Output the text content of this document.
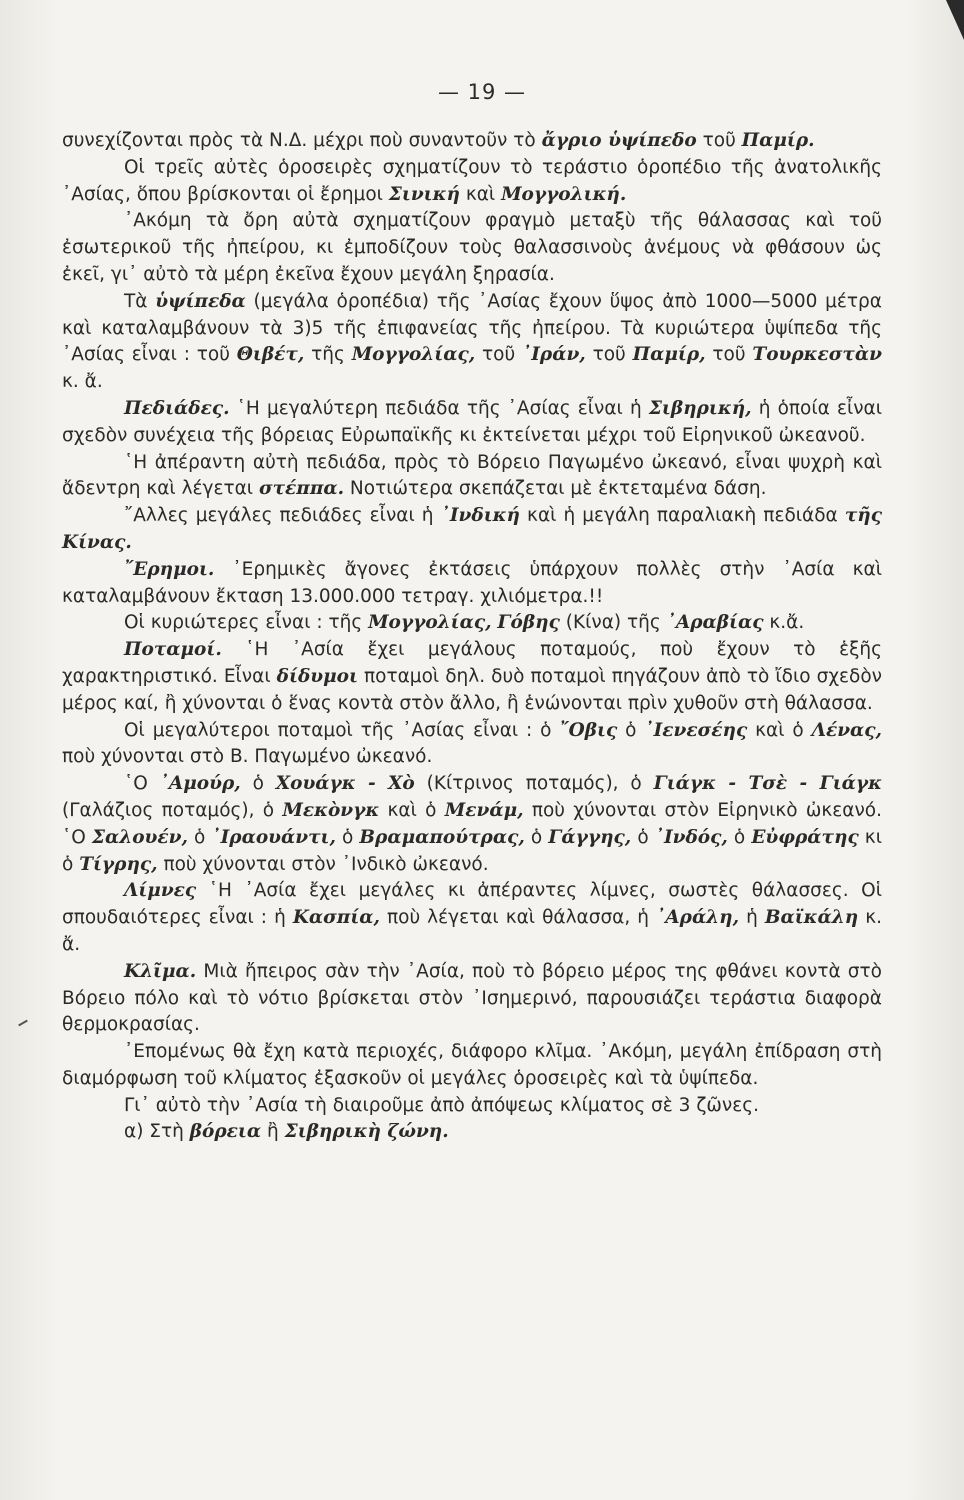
— 19 —

συνεχίζονται πρὸς τὰ Ν.Δ. μέχρι ποὺ συναντοῦν τὸ ἄγριο ὑψίπεδο τοῦ Παμίρ.

Οἱ τρεῖς αὐτὲς ὁροσειρὲς σχηματίζουν τὸ τεράστιο ὁροπέδιο τῆς ἀνατολικῆς ᾿Ασίας, ὅπου βρίσκονται οἱ ἔρημοι Σινική καὶ Μογγολική.

᾿Ακόμη τὰ ὄρη αὐτὰ σχηματίζουν φραγμὸ μεταξὺ τῆς θάλασσας καὶ τοῦ ἐσωτερικοῦ τῆς ἠπείρου, κι ἐμποδίζουν τοὺς θαλασσινοὺς ἀνέμους νὰ φθάσουν ὡς ἐκεῖ, γι᾿ αὐτὸ τὰ μέρη ἐκεῖνα ἔχουν μεγάλη ξηρασία.

Τὰ ὑψίπεδα (μεγάλα ὁροπέδια) τῆς ᾿Ασίας ἔχουν ὕψος ἀπὸ 1000—5000 μέτρα καὶ καταλαμβάνουν τὰ 3)5 τῆς ἐπιφανείας τῆς ἠπείρου. Τὰ κυριώτερα ὑψίπεδα τῆς ᾿Ασίας εἶναι : τοῦ Θιβέτ, τῆς Μογγολίας, τοῦ ᾿Ιράν, τοῦ Παμίρ, τοῦ Τουρκεστὰν κ. ἄ.

Πεδιάδες. ῾Η μεγαλύτερη πεδιάδα τῆς ᾿Ασίας εἶναι ἡ Σιβηρική, ἡ ὁποία εἶναι σχεδὸν συνέχεια τῆς βόρειας Εὐρωπαϊκῆς κι ἐκτείνεται μέχρι τοῦ Εἰρηνικοῦ ὠκεανοῦ.

῾Η ἀπέραντη αὐτὴ πεδιάδα, πρὸς τὸ Βόρειο Παγωμένο ὠκεανό, εἶναι ψυχρὴ καὶ ἄδεντρη καὶ λέγεται στέππα. Νοτιώτερα σκεπάζεται μὲ ἐκτεταμένα δάση.

῎Αλλες μεγάλες πεδιάδες εἶναι ἡ ᾿Ινδική καὶ ἡ μεγάλη παραλιακὴ πεδιάδα τῆς Κίνας.

῎Ερημοι. ᾿Ερημικὲς ἄγονες ἐκτάσεις ὑπάρχουν πολλὲς στὴν ᾿Ασία καὶ καταλαμβάνουν ἔκταση 13.000.000 τετραγ. χιλιόμετρα.!!

Οἱ κυριώτερες εἶναι : τῆς Μογγολίας, Γόβης (Κίνα) τῆς ᾿Αραβίας κ.ἄ.

Ποταμοί. ῾Η ᾿Ασία ἔχει μεγάλους ποταμούς, ποὺ ἔχουν τὸ ἑξῆς χαρακτηριστικό. Εἶναι δίδυμοι ποταμοὶ δηλ. δυὸ ποταμοὶ πηγάζουν ἀπὸ τὸ ἴδιο σχεδὸν μέρος καί, ἢ χύνονται ὁ ἕνας κοντὰ στὸν ἄλλο, ἢ ἑνώνονται πρὶν χυθοῦν στὴ θάλασσα.

Οἱ μεγαλύτεροι ποταμοὶ τῆς ᾿Ασίας εἶναι : ὁ ῎Οβις ὁ ᾿Ιενεσέης καὶ ὁ Λένας, ποὺ χύνονται στὸ Β. Παγωμένο ὠκεανό.

῾Ο ᾿Αμούρ, ὁ Χουάγκ - Χὸ (Κίτρινος ποταμός), ὁ Γιάγκ - Τσὲ - Γιάγκ (Γαλάζιος ποταμός), ὁ Μεκὸνγκ καὶ ὁ Μενάμ, ποὺ χύνονται στὸν Εἰρηνικὸ ὠκεανό. ῾Ο Σαλουέν, ὁ ᾿Ιραουάντι, ὁ Βραμαπούτρας, ὁ Γάγγης, ὁ ᾿Ινδός, ὁ Εὐφράτης κι ὁ Τίγρης, ποὺ χύνονται στὸν ᾿Ινδικὸ ὠκεανό.

Λίμνες ῾Η ᾿Ασία ἔχει μεγάλες κι ἀπέραντες λίμνες, σωστὲς θάλασσες. Οἱ σπουδαιότερες εἶναι : ἡ Κασπία, ποὺ λέγεται καὶ θάλασσα, ἡ ᾿Αράλη, ἡ Βαϊκάλη κ. ἄ.

Κλῖμα. Μιὰ ἤπειρος σὰν τὴν ᾿Ασία, ποὺ τὸ βόρειο μέρος της φθάνει κοντὰ στὸ Βόρειο πόλο καὶ τὸ νότιο βρίσκεται στὸν ᾿Ισημερινό, παρουσιάζει τεράστια διαφορὰ θερμοκρασίας.

᾿Επομένως θὰ ἔχη κατὰ περιοχές, διάφορο κλῖμα. ᾿Ακόμη, μεγάλη ἐπίδραση στὴ διαμόρφωση τοῦ κλίματος ἐξασκοῦν οἱ μεγάλες ὁροσειρὲς καὶ τὰ ὑψίπεδα.

Γι᾿ αὐτὸ τὴν ᾿Ασία τὴ διαιροῦμε ἀπὸ ἀπόψεως κλίματος σὲ 3 ζῶνες.

α) Στὴ βόρεια ἢ Σιβηρικὴ ζώνη.
